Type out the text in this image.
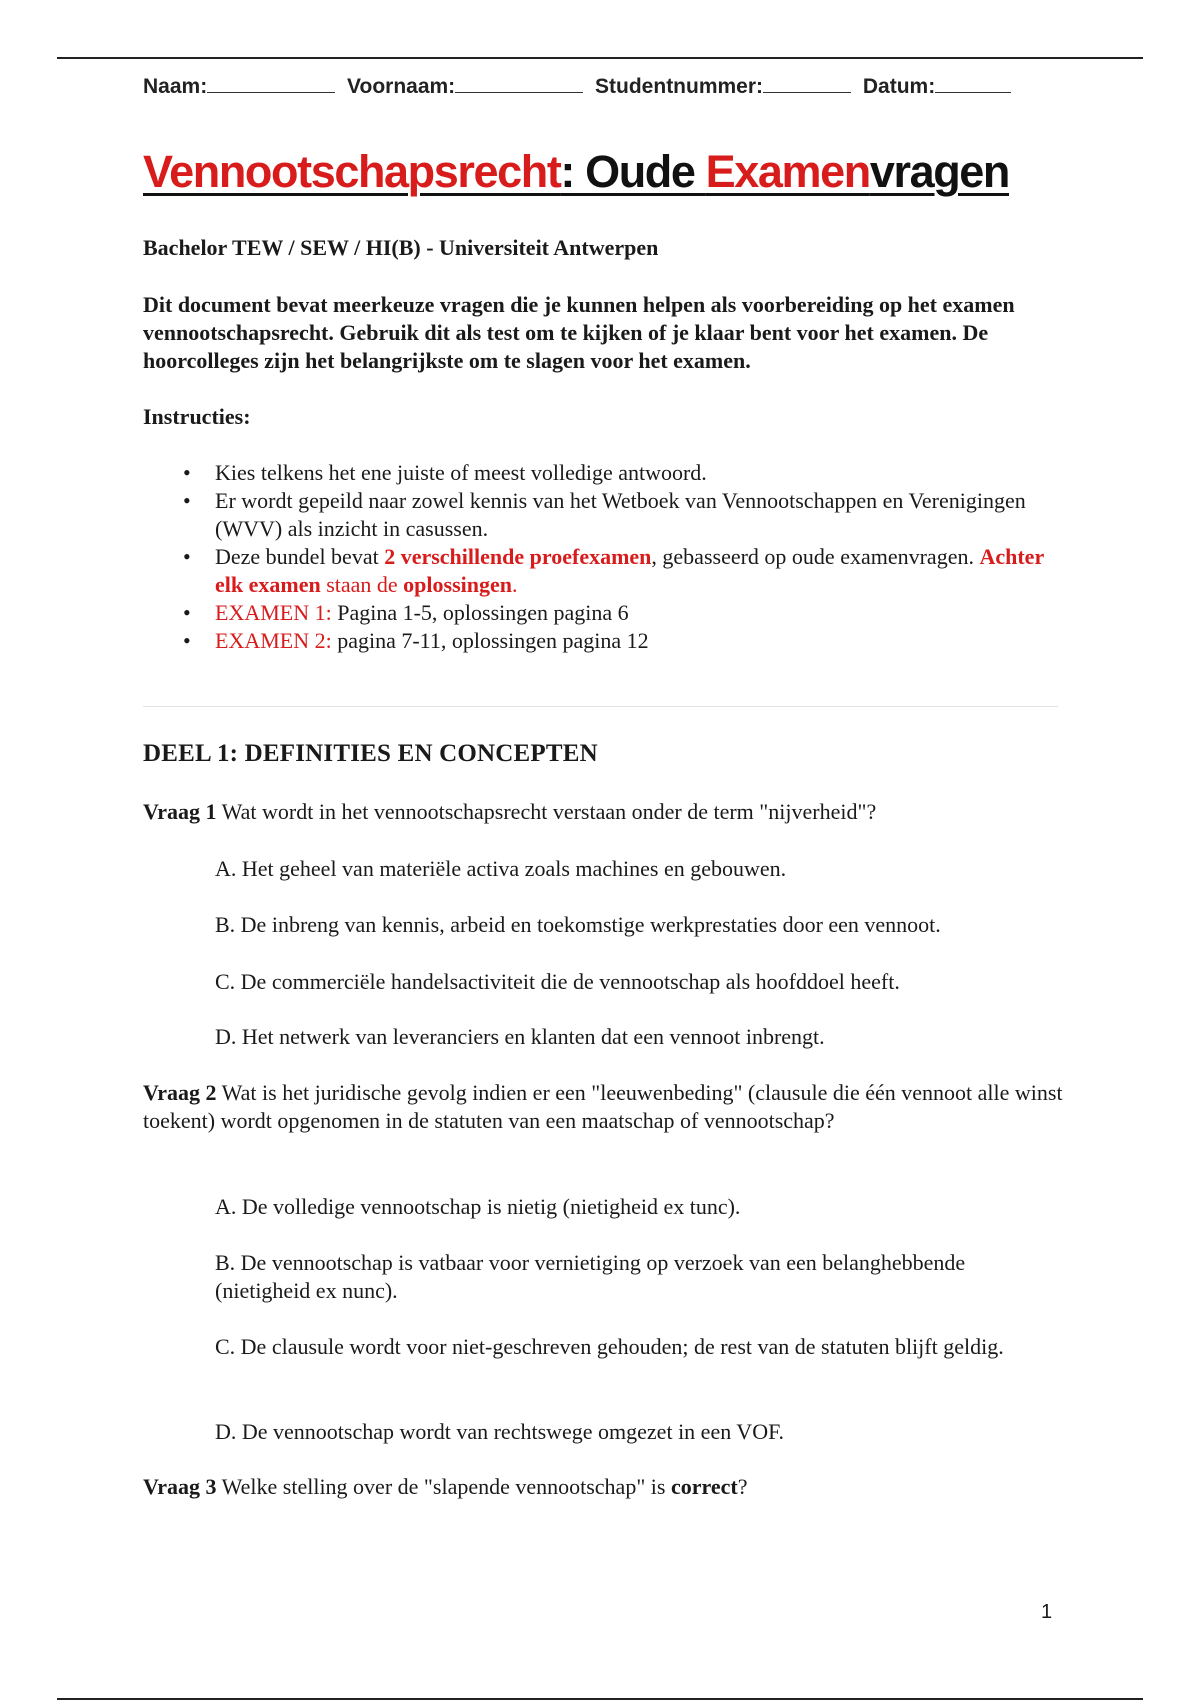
Naam:	Voornaam:	Studentnummer:	Datum:
Vennootschapsrecht: Oude Examenvragen

Bachelor TEW / SEW / HI(B) - Universiteit Antwerpen

Dit document bevat meerkeuze vragen die je kunnen helpen als voorbereiding op het examen vennootschapsrecht. Gebruik dit als test om te kijken of je klaar bent voor het examen. De hoorcolleges zijn het belangrijkste om te slagen voor het examen.

Instructies:

• Kies telkens het ene juiste of meest volledige antwoord.
• Er wordt gepeild naar zowel kennis van het Wetboek van Vennootschappen en Verenigingen (WVV) als inzicht in casussen.
• Deze bundel bevat 2 verschillende proefexamen, gebasseerd op oude examenvragen. Achter elk examen staan de oplossingen.
• EXAMEN 1: Pagina 1-5, oplossingen pagina 6
• EXAMEN 2: pagina 7-11, oplossingen pagina 12
DEEL 1: DEFINITIES EN CONCEPTEN

Vraag 1 Wat wordt in het vennootschapsrecht verstaan onder de term "nijverheid"?

A. Het geheel van materiële activa zoals machines en gebouwen.

B. De inbreng van kennis, arbeid en toekomstige werkprestaties door een vennoot.

C. De commerciële handelsactiviteit die de vennootschap als hoofddoel heeft.

D. Het netwerk van leveranciers en klanten dat een vennoot inbrengt.

Vraag 2 Wat is het juridische gevolg indien er een "leeuwenbeding" (clausule die één vennoot alle winst toekent) wordt opgenomen in de statuten van een maatschap of vennootschap?

A. De volledige vennootschap is nietig (nietigheid ex tunc).

B. De vennootschap is vatbaar voor vernietiging op verzoek van een belanghebbende (nietigheid ex nunc).

C. De clausule wordt voor niet-geschreven gehouden; de rest van de statuten blijft geldig.

D. De vennootschap wordt van rechtswege omgezet in een VOF.

Vraag 3 Welke stelling over de "slapende vennootschap" is correct?

1
